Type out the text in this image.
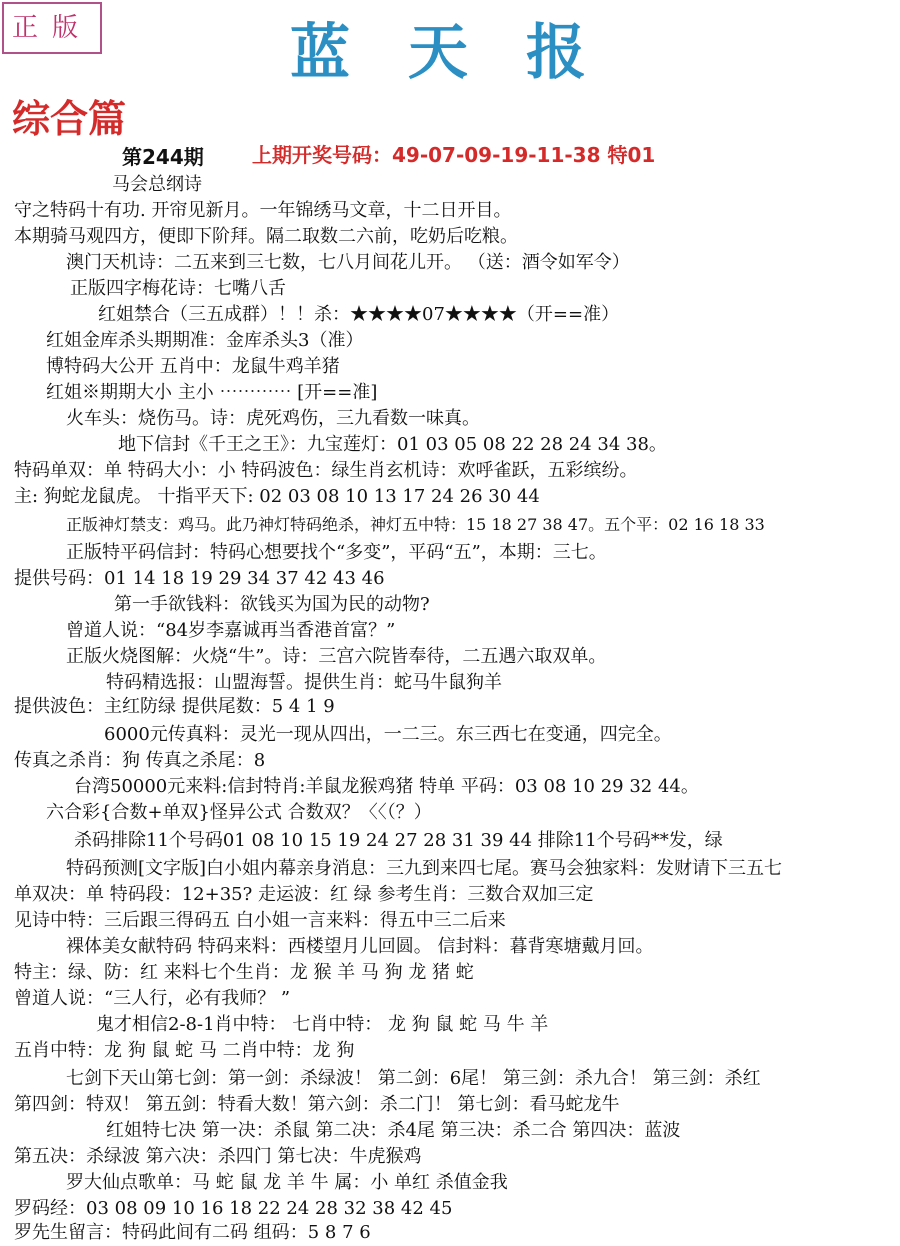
正版	蓝天报
综合篇
第244期 上期开奖号码：49-07-09-19-11-38 特01
马会总纲诗
守之特码十有功. 开帘见新月。一年锦绣马文章，十二日开目。
本期骑马观四方，便即下阶拜。隔二取数二六前，吃奶后吃粮。
澳门天机诗：二五来到三七数，七八月间花儿开。 （送：酒令如军令）
正版四字梅花诗：七嘴八舌
红姐禁合（三五成群）！！杀：★★★★07★★★★（开==准）
红姐金库杀头期期准：金库杀头3（准）
博特码大公开 五肖中：龙鼠牛鸡羊猪
红姐※期期大小 主小 ⋯⋯⋯⋯ [开==准]
火车头：烧伤马。诗：虎死鸡伤，三九看数一味真。
地下信封《千王之王》：九宝莲灯：01 03 05 08 22 28 24 34 38。
特码单双：单 特码大小：小 特码波色：绿生肖玄机诗：欢呼雀跃，五彩缤纷。
主: 狗蛇龙鼠虎。 十指平天下: 02 03 08 10 13 17 24 26 30 44
正版神灯禁支：鸡马。此乃神灯特码绝杀，神灯五中特：15 18 27 38 47。五个平：02 16 18 33
正版特平码信封：特码心想要找个“多变”，平码“五”，本期：三七。
提供号码：01 14 18 19 29 34 37 42 43 46
第一手欲钱料：欲钱买为国为民的动物?
曾道人说：“84岁李嘉诚再当香港首富？”
正版火烧图解：火烧“牛”。诗：三宫六院皆奉待，二五遇六取双单。
特码精选报：山盟海誓。提供生肖：蛇马牛鼠狗羊
提供波色：主红防绿 提供尾数：5 4 1 9
6000元传真料：灵光一现从四出，一二三。东三西七在变通，四完全。
传真之杀肖：狗 传真之杀尾：8
台湾50000元来料:信封特肖:羊鼠龙猴鸡猪 特单 平码：03 08 10 29 32 44。
六合彩{合数+单双}怪异公式 合数双？〈〈（？）
杀码排除11个号码01 08 10 15 19 24 27 28 31 39 44 排除11个号码**发，绿
特码预测[文字版]白小姐内幕亲身消息：三九到来四七尾。赛马会独家料：发财请下三五七
单双决：单 特码段：12+35? 走运波：红 绿 参考生肖：三数合双加三定
见诗中特：三后跟三得码五 白小姐一言来料：得五中三二后来
裸体美女献特码 特码来料：西楼望月儿回圆。 信封料：暮背寒塘戴月回。
特主：绿、防：红 来料七个生肖：龙 猴 羊 马 狗 龙 猪 蛇
曾道人说：“三人行，必有我师？ ”
鬼才相信2-8-1肖中特： 七肖中特： 龙 狗 鼠 蛇 马 牛 羊
五肖中特：龙 狗 鼠 蛇 马 二肖中特：龙 狗
七剑下天山第七剑：第一剑：杀绿波！ 第二剑：6尾！ 第三剑：杀九合！ 第三剑：杀红
第四剑：特双！ 第五剑：特看大数！第六剑：杀二门！ 第七剑：看马蛇龙牛
红姐特七决 第一决：杀鼠 第二决：杀4尾 第三决：杀二合 第四决：蓝波
第五决：杀绿波 第六决：杀四门 第七决：牛虎猴鸡
罗大仙点歌单：马 蛇 鼠 龙 羊 牛 属：小 单红 杀值金我
罗码经：03 08 09 10 16 18 22 24 28 32 38 42 45
罗先生留言：特码此间有二码 组码：5 8 7 6
